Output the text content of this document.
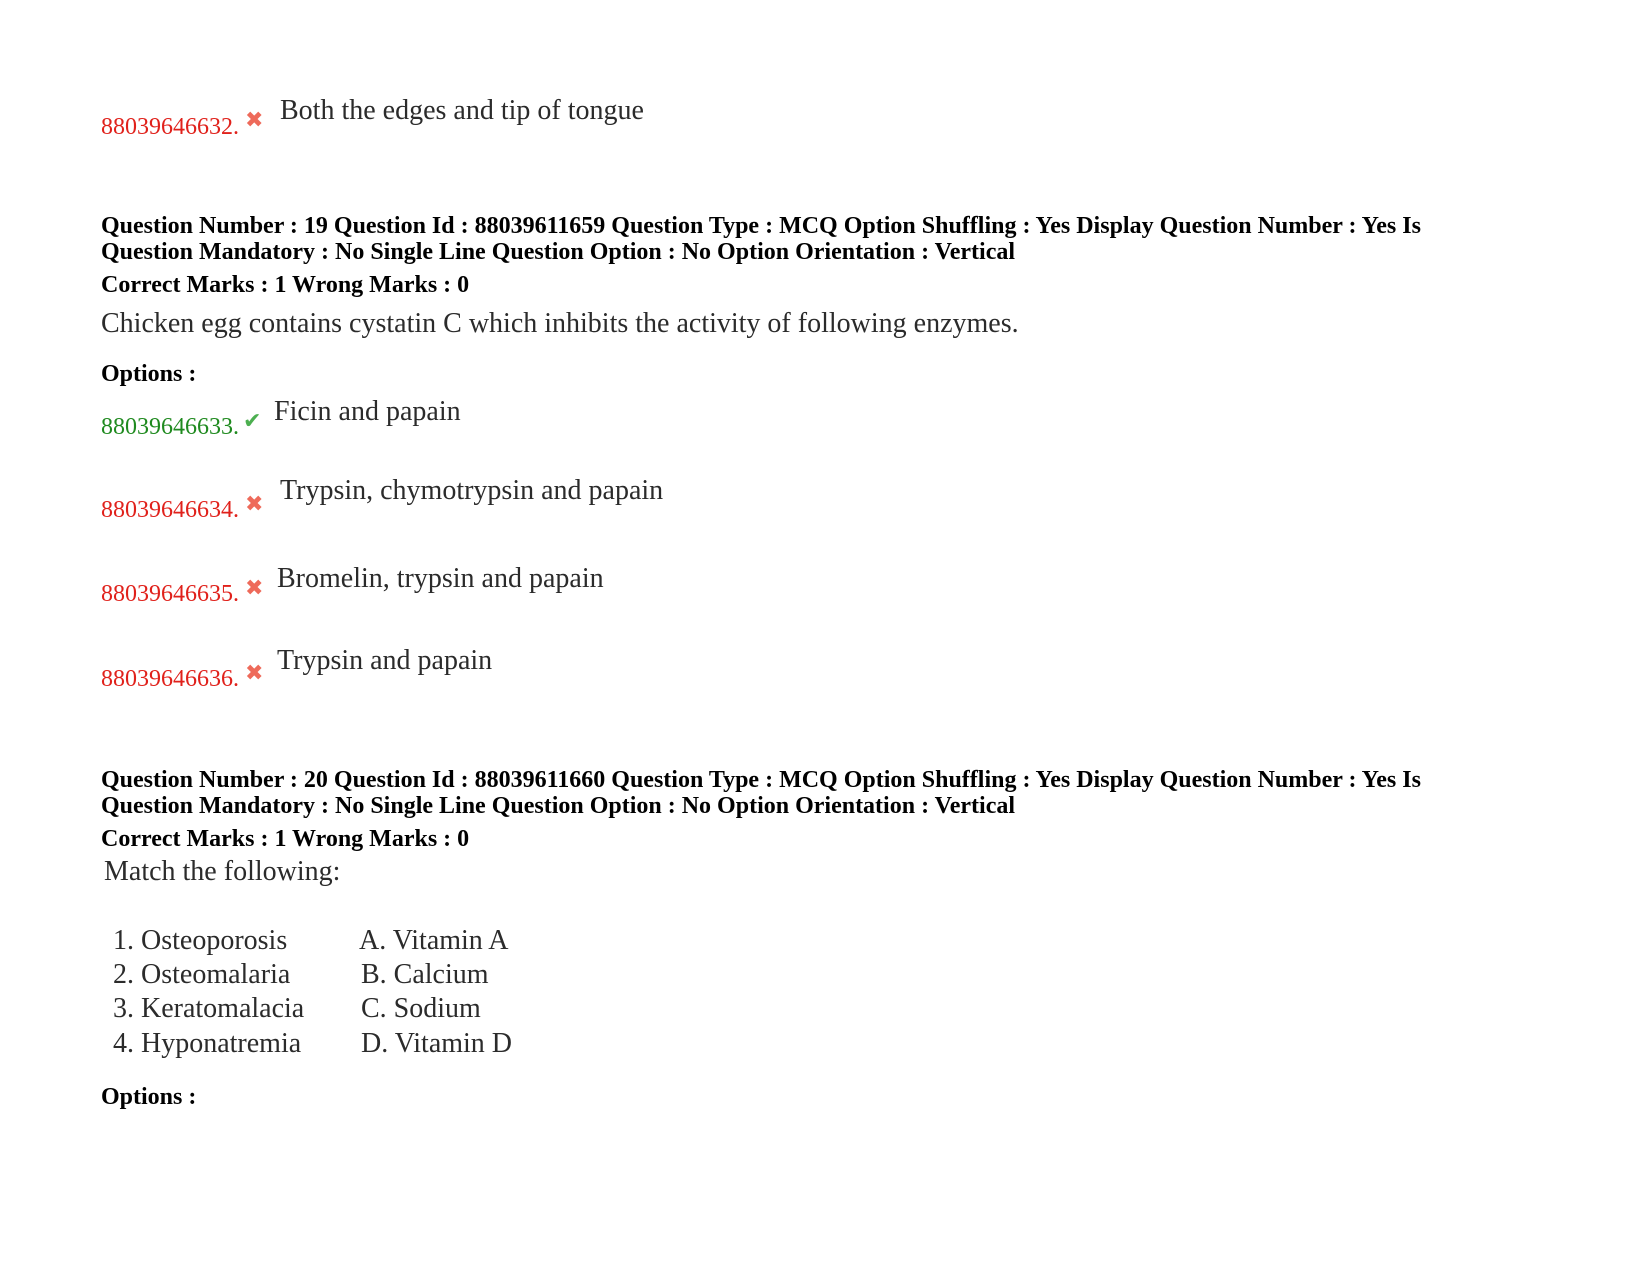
88039646632. ✖ Both the edges and tip of tongue
Question Number : 19 Question Id : 88039611659 Question Type : MCQ Option Shuffling : Yes Display Question Number : Yes Is
Question Mandatory : No Single Line Question Option : No Option Orientation : Vertical
Correct Marks : 1 Wrong Marks : 0
Chicken egg contains cystatin C which inhibits the activity of following enzymes.
Options :
88039646633. ✔ Ficin and papain
88039646634. ✖ Trypsin, chymotrypsin and papain
88039646635. ✖ Bromelin, trypsin and papain
88039646636. ✖ Trypsin and papain
Question Number : 20 Question Id : 88039611660 Question Type : MCQ Option Shuffling : Yes Display Question Number : Yes Is
Question Mandatory : No Single Line Question Option : No Option Orientation : Vertical
Correct Marks : 1 Wrong Marks : 0
Match the following:
1. Osteoporosis
2. Osteomalaria
3. Keratomalacia
4. Hyponatremia
A. Vitamin A
B. Calcium
C. Sodium
D. Vitamin D
Options :
